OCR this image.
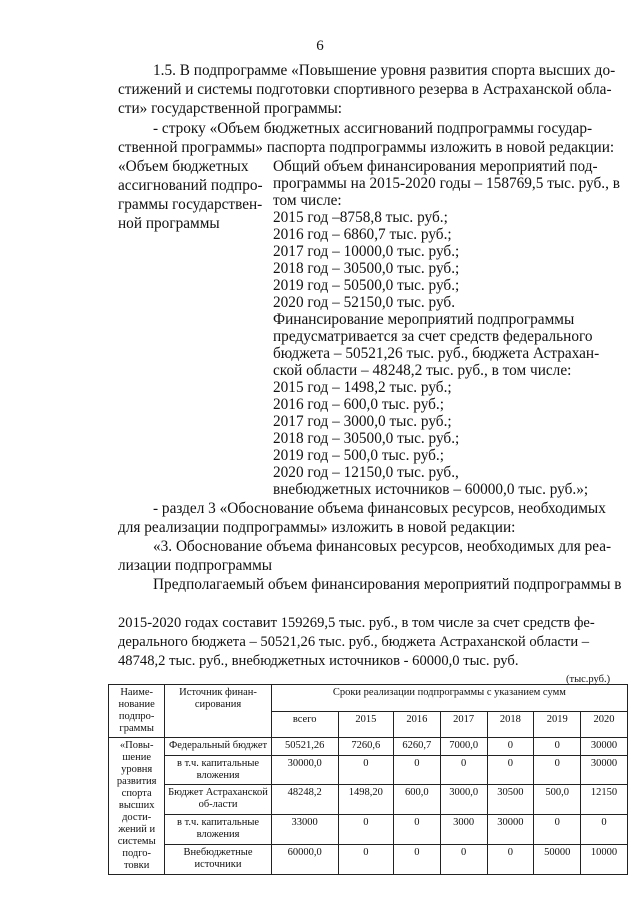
6
1.5. В подпрограмме «Повышение уровня развития спорта высших до-
стижений и системы подготовки спортивного резерва в Астраханской обла-
сти» государственной программы:
- строку «Объем бюджетных ассигнований подпрограммы государ-
ственной программы» паспорта подпрограммы изложить в новой редакции:
«Объем бюджетных
ассигнований подпро-
граммы государствен-
ной программы
Общий объем финансирования мероприятий под-
программы на 2015-2020 годы – 158769,5 тыс. руб., в
том числе:
2015 год –8758,8 тыс. руб.;
2016 год – 6860,7 тыс. руб.;
2017 год – 10000,0 тыс. руб.;
2018 год – 30500,0 тыс. руб.;
2019 год – 50500,0 тыс. руб.;
2020 год – 52150,0 тыс. руб.
Финансирование мероприятий подпрограммы
предусматривается за счет средств федерального
бюджета – 50521,26 тыс. руб., бюджета Астрахан-
ской области – 48248,2 тыс. руб., в том числе:
2015 год – 1498,2 тыс. руб.;
2016 год – 600,0 тыс. руб.;
2017 год – 3000,0 тыс. руб.;
2018 год – 30500,0 тыс. руб.;
2019 год – 500,0 тыс. руб.;
2020 год – 12150,0 тыс. руб.,
внебюджетных источников – 60000,0 тыс. руб.»;
- раздел 3 «Обоснование объема финансовых ресурсов, необходимых
для реализации подпрограммы» изложить в новой редакции:
«3. Обоснование объема финансовых ресурсов, необходимых для реа-
лизации подпрограммы
Предполагаемый объем финансирования мероприятий подпрограммы в
2015-2020 годах составит 159269,5 тыс. руб., в том числе за счет средств фе-
(тыс.руб.)
Наиме-нование подпро-граммы	Источник финан-сирования	Сроки реализации подпрограммы с указанием сумм						
		всего	2015	2016	2017	2018	2019	2020
«Повы-шение уровня развития спорта высших дости-жений и системы подго-товки	Федеральный бюджет	50521,26	7260,6	6260,7	7000,0	0	0	30000
	в т.ч. капитальные вложения	30000,0	0	0	0	0	0	30000
	Бюджет Астраханской об-ласти	48248,2	1498,20	600,0	3000,0	30500	500,0	12150
	в т.ч. капитальные вложения	33000	0	0	3000	30000	0	0
	Внебюджетные источники	60000,0	0	0	0	0	50000	10000
дерального бюджета – 50521,26 тыс. руб., бюджета Астраханской области –
48748,2 тыс. руб., внебюджетных источников - 60000,0 тыс. руб.
